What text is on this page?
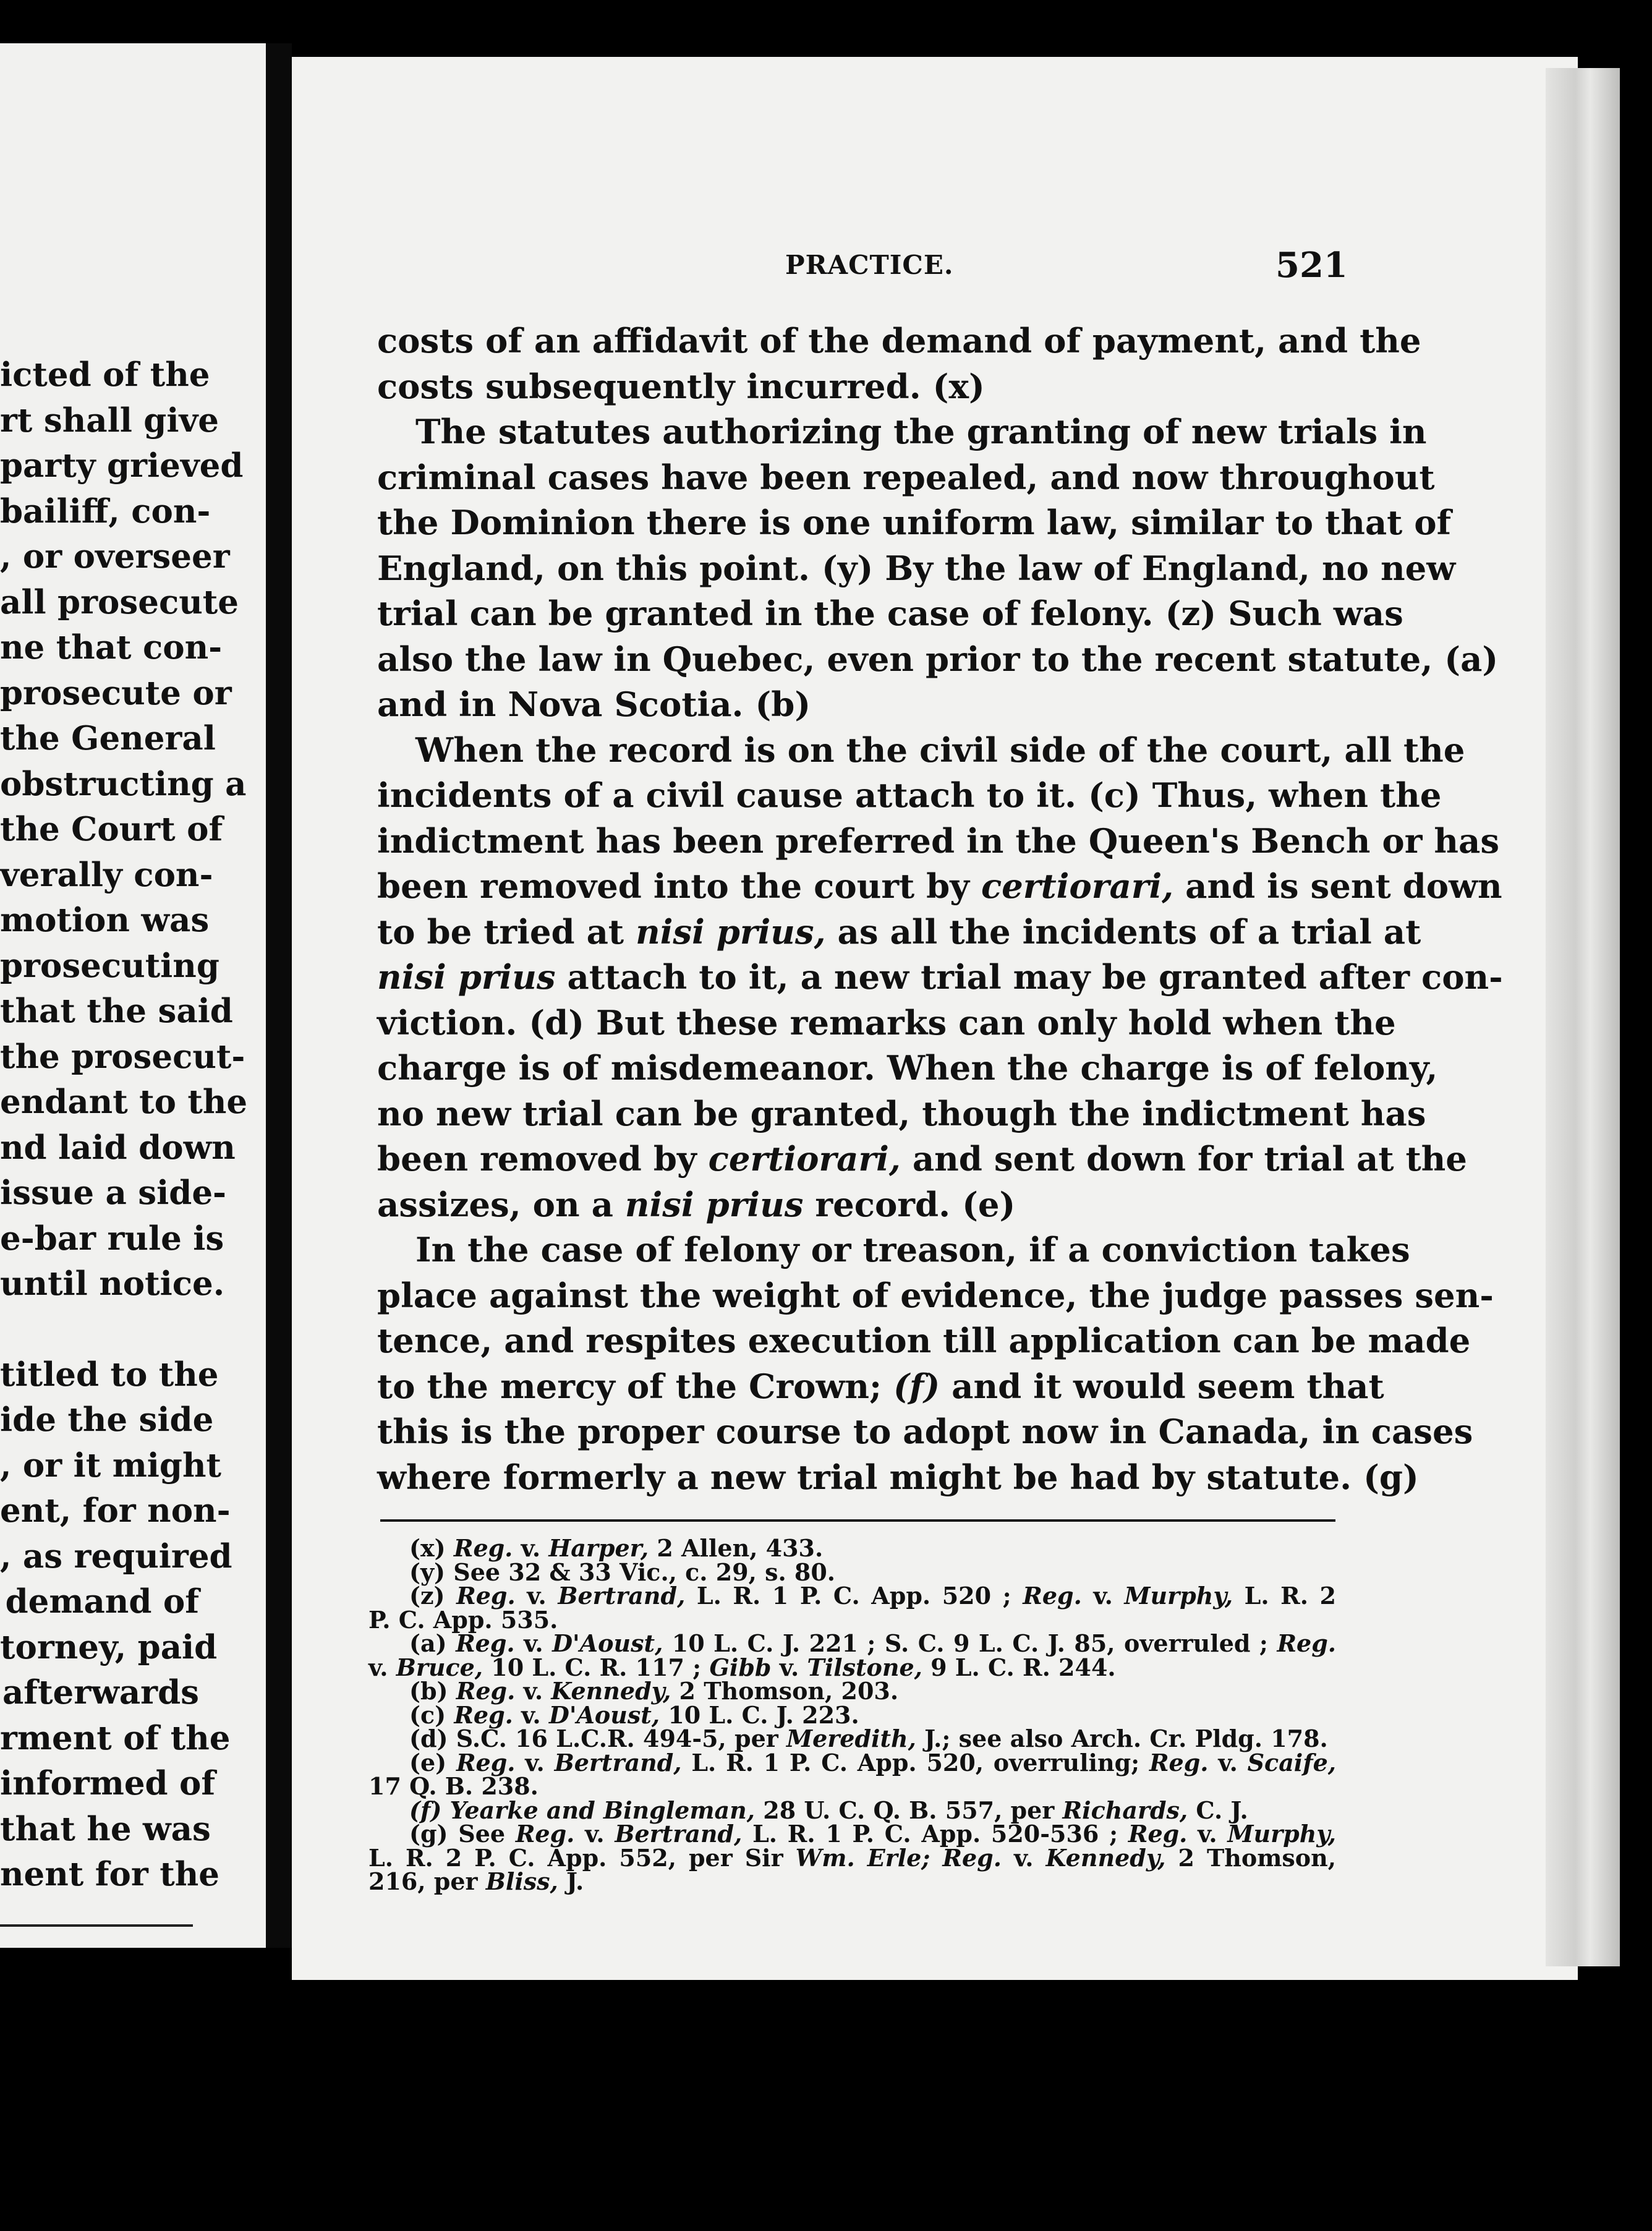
icted of the
rt shall give
party grieved
bailiff, con-
, or overseer
all prosecute
ne that con-
prosecute or
the General
obstructing a
the Court of
verally con-
motion was
prosecuting
that the said
the prosecut-
endant to the
nd laid down
issue a side-
e-bar rule is
until notice.
titled to the
ide the side
, or it might
ent, for non-
, as required
demand of
torney, paid
afterwards
rment of the
informed of
that he was
nent for the
PRACTICE.	521
costs of an affidavit of the demand of payment, and the
costs subsequently incurred. (x)
The statutes authorizing the granting of new trials in
criminal cases have been repealed, and now throughout
the Dominion there is one uniform law, similar to that of
England, on this point. (y) By the law of England, no new
trial can be granted in the case of felony. (z) Such was
also the law in Quebec, even prior to the recent statute, (a)
and in Nova Scotia. (b)
When the record is on the civil side of the court, all the
incidents of a civil cause attach to it. (c) Thus, when the
indictment has been preferred in the Queen's Bench or has
been removed into the court by certiorari, and is sent down
to be tried at nisi prius, as all the incidents of a trial at
nisi prius attach to it, a new trial may be granted after con-
viction. (d) But these remarks can only hold when the
charge is of misdemeanor. When the charge is of felony,
no new trial can be granted, though the indictment has
been removed by certiorari, and sent down for trial at the
assizes, on a nisi prius record. (e)
In the case of felony or treason, if a conviction takes
place against the weight of evidence, the judge passes sen-
tence, and respites execution till application can be made
to the mercy of the Crown; (f) and it would seem that
this is the proper course to adopt now in Canada, in cases
where formerly a new trial might be had by statute. (g)
(x) Reg. v. Harper, 2 Allen, 433.
(y) See 32 & 33 Vic., c. 29, s. 80.
(z) Reg. v. Bertrand, L. R. 1 P. C. App. 520 ; Reg. v. Murphy, L. R. 2
P. C. App. 535.
(a) Reg. v. D'Aoust, 10 L. C. J. 221 ; S. C. 9 L. C. J. 85, overruled ; Reg.
v. Bruce, 10 L. C. R. 117 ; Gibb v. Tilstone, 9 L. C. R. 244.
(b) Reg. v. Kennedy, 2 Thomson, 203.
(c) Reg. v. D'Aoust, 10 L. C. J. 223.
(d) S.C. 16 L.C.R. 494-5, per Meredith, J.; see also Arch. Cr. Pldg. 178.
(e) Reg. v. Bertrand, L. R. 1 P. C. App. 520, overruling; Reg. v. Scaife,
17 Q. B. 238.
(f) Yearke and Bingleman, 28 U. C. Q. B. 557, per Richards, C. J.
(g) See Reg. v. Bertrand, L. R. 1 P. C. App. 520-536 ; Reg. v. Murphy,
L. R. 2 P. C. App. 552, per Sir Wm. Erle; Reg. v. Kennedy, 2 Thomson,
216, per Bliss, J.
